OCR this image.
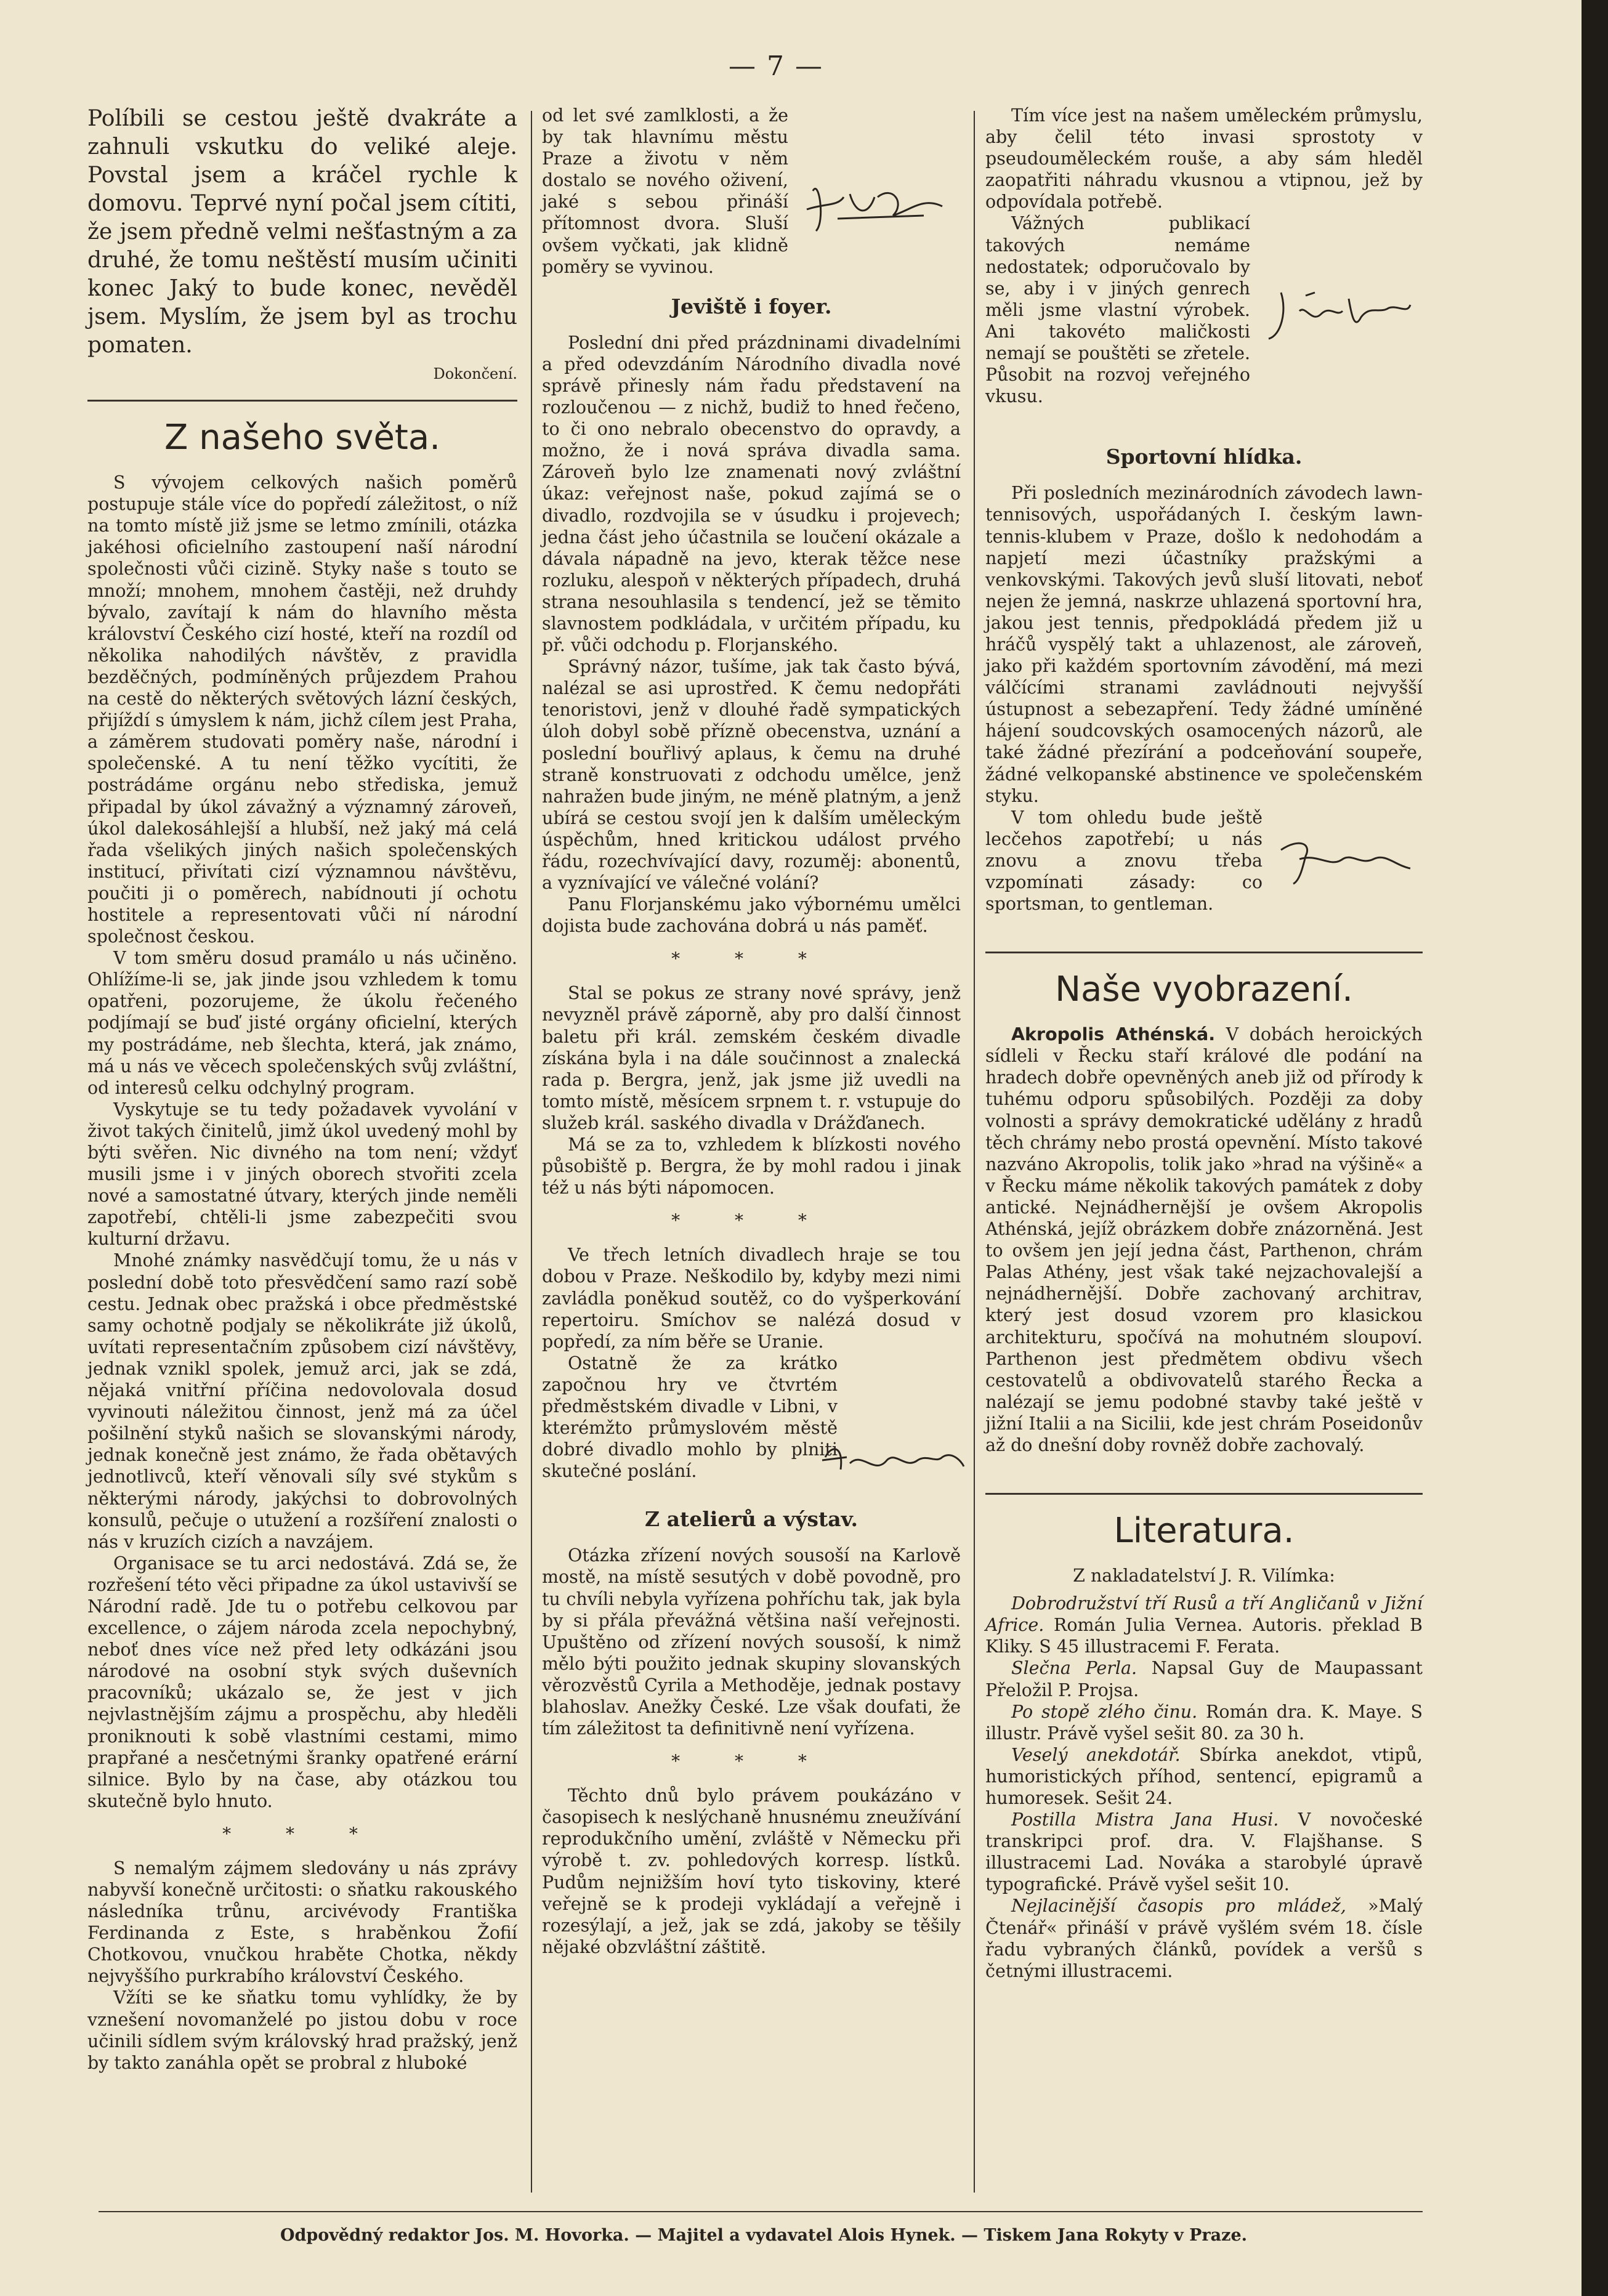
— 7 —

Políbili se cestou ještě dvakráte a zahnuli vskutku do veliké aleje. Povstal jsem a kráčel rychle k domovu. Teprvé nyní počal jsem cítiti, že jsem předně velmi nešťastným a za druhé, že tomu neštěstí musím učiniti konec Jaký to bude konec, nevěděl jsem. Myslím, že jsem byl as trochu pomaten.

Dokončení.
Z našeho světa.

S vývojem celkových našich poměrů postupuje stále více do popředí záležitost, o níž na tomto místě již jsme se letmo zmínili, otázka jakéhosi oficielního zastoupení naší národní společnosti vůči cizině. Styky naše s touto se množí; mnohem, mnohem častěji, než druhdy bývalo, zavítají k nám do hlavního města království Českého cizí hosté, kteří na rozdíl od několika nahodilých návštěv, z pravidla bezděčných, podmíněných průjezdem Prahou na cestě do některých světových lázní českých, přijíždí s úmyslem k nám, jichž cílem jest Praha, a záměrem studovati poměry naše, národní i společenské. A tu není těžko vycítiti, že postrádáme orgánu nebo střediska, jemuž připadal by úkol závažný a významný zároveň, úkol dalekosáhlejší a hlubší, než jaký má celá řada všelikých jiných našich společenských institucí, přivítati cizí významnou návštěvu, poučiti ji o poměrech, nabídnouti jí ochotu hostitele a representovati vůči ní národní společnost českou.

V tom směru dosud pramálo u nás učiněno. Ohlížíme-li se, jak jinde jsou vzhledem k tomu opatřeni, pozorujeme, že úkolu řečeného podjímají se buď jisté orgány oficielní, kterých my postrádáme, neb šlechta, která, jak známo, má u nás ve věcech společenských svůj zvláštní, od interesů celku odchylný program.

Vyskytuje se tu tedy požadavek vyvolání v život takých činitelů, jimž úkol uvedený mohl by býti svěřen. Nic divného na tom není; vždyť musili jsme i v jiných oborech stvořiti zcela nové a samostatné útvary, kterých jinde neměli zapotřebí, chtěli-li jsme zabezpečiti svou kulturní državu.

Mnohé známky nasvědčují tomu, že u nás v poslední době toto přesvědčení samo razí sobě cestu. Jednak obec pražská i obce předměstské samy ochotně podjaly se několikráte již úkolů, uvítati representačním způsobem cizí návštěvy, jednak vznikl spolek, jemuž arci, jak se zdá, nějaká vnitřní příčina nedovolovala dosud vyvinouti náležitou činnost, jenž má za účel pošilnění styků našich se slovanskými národy, jednak konečně jest známo, že řada obětavých jednotlivců, kteří věnovali síly své stykům s některými národy, jakýchsi to dobrovolných konsulů, pečuje o utužení a rozšíření znalosti o nás v kruzích cizích a navzájem.

Organisace se tu arci nedostává. Zdá se, že rozřešení této věci připadne za úkol ustavivší se Národní radě. Jde tu o potřebu celkovou par excellence, o zájem národa zcela nepochybný, neboť dnes více než před lety odkázáni jsou národové na osobní styk svých duševních pracovníků; ukázalo se, že jest v jich nejvlastnějším zájmu a prospěchu, aby hleděli proniknouti k sobě vlastními cestami, mimo prapřané a nesčetnými šranky opatřené erární silnice. Bylo by na čase, aby otázkou tou skutečně bylo hnuto.

* * *

S nemalým zájmem sledovány u nás zprávy nabyvší konečně určitosti: o sňatku rakouského následníka trůnu, arcivévody Františka Ferdinanda z Este, s hraběnkou Žofií Chotkovou, vnučkou hraběte Chotka, někdy nejvyššího purkrabího království Českého.

Vžíti se ke sňatku tomu vyhlídky, že by vznešení novomanželé po jistou dobu v roce učinili sídlem svým královský hrad pražský, jenž by takto zanáhla opět se probral z hluboké

od let své zamlklosti, a že by tak hlavnímu městu Praze a životu v něm dostalo se nového oživení, jaké s sebou přináší přítomnost dvora. Sluší ovšem vyčkati, jak klidně poměry se vyvinou.

Jeviště i foyer.

Poslední dni před prázdninami divadelními a před odevzdáním Národního divadla nové správě přinesly nám řadu představení na rozloučenou — z nichž, budiž to hned řečeno, to či ono nebralo obecenstvo do opravdy, a možno, že i nová správa divadla sama. Zároveň bylo lze znamenati nový zvláštní úkaz: veřejnost naše, pokud zajímá se o divadlo, rozdvojila se v úsudku i projevech; jedna část jeho účastnila se loučení okázale a dávala nápadně na jevo, kterak těžce nese rozluku, alespoň v některých případech, druhá strana nesouhlasila s tendencí, jež se těmito slavnostem podkládala, v určitém případu, ku př. vůči odchodu p. Florjanského.

Správný názor, tušíme, jak tak často bývá, nalézal se asi uprostřed. K čemu nedopřáti tenoristovi, jenž v dlouhé řadě sympatických úloh dobyl sobě přízně obecenstva, uznání a poslední bouřlivý aplaus, k čemu na druhé straně konstruovati z odchodu umělce, jenž nahražen bude jiným, ne méně platným, a jenž ubírá se cestou svojí jen k dalším uměleckým úspěchům, hned kritickou událost prvého řádu, rozechvívající davy, rozuměj: abonentů, a vyznívající ve válečné volání?

Panu Florjanskému jako výbornému umělci dojista bude zachována dobrá u nás paměť.

* * *

Stal se pokus ze strany nové správy, jenž nevyzněl právě záporně, aby pro další činnost baletu při král. zemském českém divadle získána byla i na dále součinnost a znalecká rada p. Bergra, jenž, jak jsme již uvedli na tomto místě, měsícem srpnem t. r. vstupuje do služeb král. saského divadla v Drážďanech.

Má se za to, vzhledem k blízkosti nového působiště p. Bergra, že by mohl radou i jinak též u nás býti nápomocen.

* * *

Ve třech letních divadlech hraje se tou dobou v Praze. Neškodilo by, kdyby mezi nimi zavládla poněkud soutěž, co do vyšperkování repertoiru. Smíchov se nalézá dosud v popředí, za ním běře se Uranie.

Ostatně že za krátko započnou hry ve čtvrtém předměstském divadle v Libni, v kterémžto průmyslovém městě dobré divadlo mohlo by plniti skutečné poslání.

Z atelierů a výstav.

Otázka zřízení nových sousoší na Karlově mostě, na místě sesutých v době povodně, pro tu chvíli nebyla vyřízena pohříchu tak, jak byla by si přála převážná většina naší veřejnosti. Upuštěno od zřízení nových sousoší, k nimž mělo býti použito jednak skupiny slovanských věrozvěstů Cyrila a Methoděje, jednak postavy blahoslav. Anežky České. Lze však doufati, že tím záležitost ta definitivně není vyřízena.

* * *

Těchto dnů bylo právem poukázáno v časopisech k neslýchaně hnusnému zneužívání reprodukčního umění, zvláště v Německu při výrobě t. zv. pohledových korresp. lístků. Pudům nejnižším hoví tyto tiskoviny, které veřejně se k prodeji vykládají a veřejně i rozesýlají, a jež, jak se zdá, jakoby se těšily nějaké obzvláštní záštitě.

Tím více jest na našem uměleckém průmyslu, aby čelil této invasi sprostoty v pseudouměleckém rouše, a aby sám hleděl zaopatřiti náhradu vkusnou a vtipnou, jež by odpovídala potřebě.

Vážných publikací takových nemáme nedostatek; odporučovalo by se, aby i v jiných genrech měli jsme vlastní výrobek. Ani takovéto maličkosti nemají se pouštěti se zřetele. Působit na rozvoj veřejného vkusu.

Sportovní hlídka.

Při posledních mezinárodních závodech lawn-tennisových, uspořádaných I. českým lawn-tennis-klubem v Praze, došlo k nedohodám a napjetí mezi účastníky pražskými a venkovskými. Takových jevů sluší litovati, neboť nejen že jemná, naskrze uhlazená sportovní hra, jakou jest tennis, předpokládá předem již u hráčů vyspělý takt a uhlazenost, ale zároveň, jako při každém sportovním závodění, má mezi válčícími stranami zavládnouti nejvyšší ústupnost a sebezapření. Tedy žádné umíněné hájení soudcovských osamocených názorů, ale také žádné přezírání a podceňování soupeře, žádné velkopanské abstinence ve společenském styku.

V tom ohledu bude ještě lecčehos zapotřebí; u nás znovu a znovu třeba vzpomínati zásady: co sportsman, to gentleman.

Naše vyobrazení.

Akropolis Athénská. V dobách heroických sídleli v Řecku staří králové dle podání na hradech dobře opevněných aneb již od přírody k tuhému odporu spůsobilých. Později za doby volnosti a správy demokratické udělány z hradů těch chrámy nebo prostá opevnění. Místo takové nazváno Akropolis, tolik jako »hrad na výšině« a v Řecku máme několik takových památek z doby antické. Nejnádhernější je ovšem Akropolis Athénská, jejíž obrázkem dobře znázorněná. Jest to ovšem jen její jedna část, Parthenon, chrám Palas Athény, jest však také nejzachovalejší a nejnádhernější. Dobře zachovaný architrav, který jest dosud vzorem pro klasickou architekturu, spočívá na mohutném sloupoví. Parthenon jest předmětem obdivu všech cestovatelů a obdivovatelů starého Řecka a nalézají se jemu podobné stavby také ještě v jižní Italii a na Sicilii, kde jest chrám Poseidonův až do dnešní doby rovněž dobře zachovalý.

Literatura.
Z nakladatelství J. R. Vilímka:

Dobrodružství tří Rusů a tří Angličanů v Jižní Africe. Román Julia Vernea. Autoris. překlad B Kliky. S 45 illustracemi F. Ferata.

Slečna Perla. Napsal Guy de Maupassant Přeložil P. Projsa.

Po stopě zlého činu. Román dra. K. Maye. S illustr. Právě vyšel sešit 80. za 30 h.

Veselý anekdotář. Sbírka anekdot, vtipů, humoristických příhod, sentencí, epigramů a humoresek. Sešit 24.

Postilla Mistra Jana Husi. V novočeské transkripci prof. dra. V. Flajšhanse. S illustracemi Lad. Nováka a starobylé úpravě typografické. Právě vyšel sešit 10.

Nejlacinější časopis pro mládež, »Malý Čtenář« přináší v právě vyšlém svém 18. čísle řadu vybraných článků, povídek a veršů s četnými illustracemi.

Odpovědný redaktor Jos. M. Hovorka. — Majitel a vydavatel Alois Hynek. — Tiskem Jana Rokyty v Praze.
